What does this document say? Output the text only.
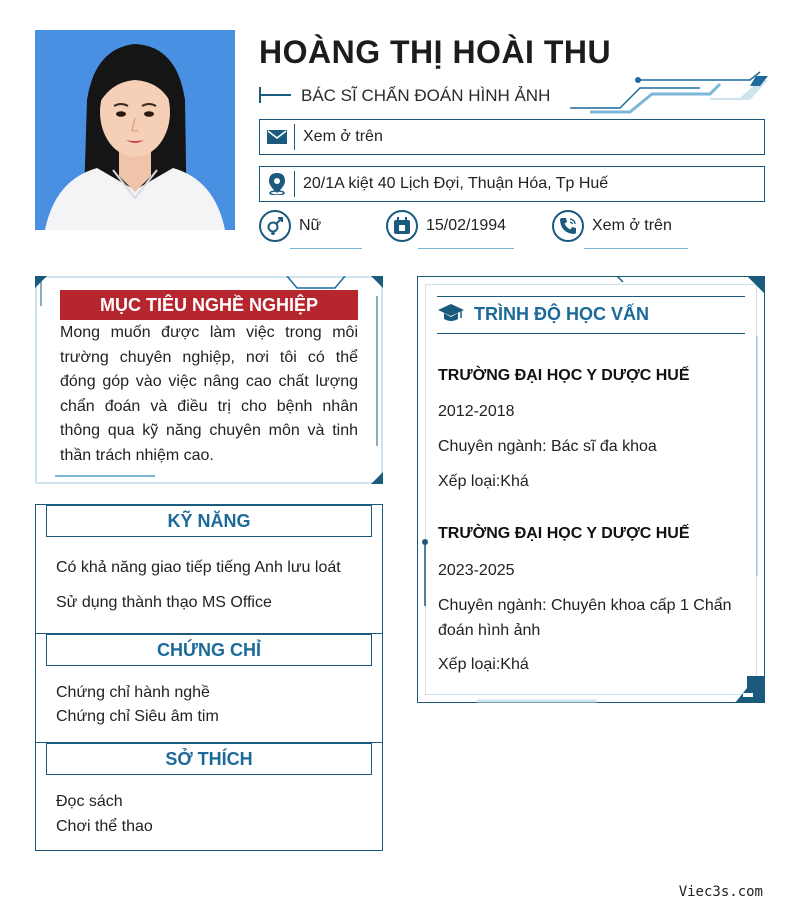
HOÀNG THỊ HOÀI THU
BÁC SĨ CHẨN ĐOÁN HÌNH ẢNH
Xem ở trên
20/1A kiệt 40 Lịch Đợi, Thuận Hóa, Tp Huế
Nữ	15/02/1994	Xem ở trên
MỤC TIÊU NGHỀ NGHIỆP
Mong muốn được làm việc trong môi trường chuyên nghiệp, nơi tôi có thể đóng góp vào việc nâng cao chất lượng chẩn đoán và điều trị cho bệnh nhân thông qua kỹ năng chuyên môn và tinh thần trách nhiệm cao.
KỸ NĂNG
Có khả năng giao tiếp tiếng Anh lưu loát
Sử dụng thành thạo MS Office
CHỨNG CHỈ
Chứng chỉ hành nghề
Chứng chỉ Siêu âm tim
SỞ THÍCH
Đọc sách
Chơi thể thao
TRÌNH ĐỘ HỌC VẤN
TRƯỜNG ĐẠI HỌC Y DƯỢC HUẾ
2012-2018
Chuyên ngành: Bác sĩ đa khoa
Xếp loại:Khá
TRƯỜNG ĐẠI HỌC Y DƯỢC HUẾ
2023-2025
Chuyên ngành: Chuyên khoa cấp 1 Chẩn
đoán hình ảnh
Xếp loại:Khá
Viec3s.com
